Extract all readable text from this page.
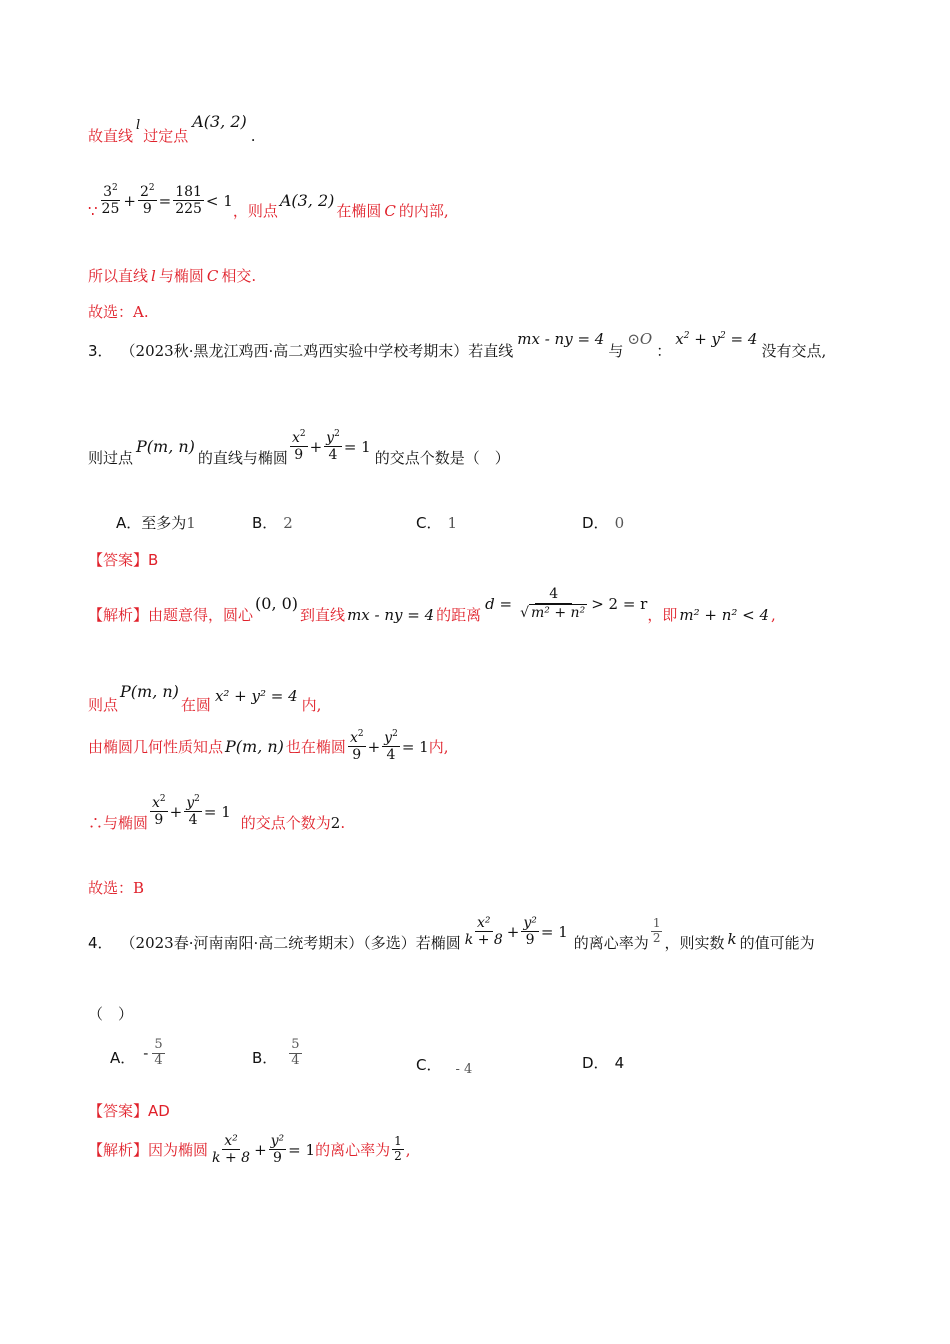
故直线
l
过定点
A(3, 2)
.
∵ $\frac{3^2}{25} + \frac{2^2}{9} = \frac{181}{225} < 1$
，则点
A(3, 2)
在椭圆 C 的内部,
所以直线 l 与椭圆 C 相交.
故选：A.
3． （2023秋·黑龙江鸡西·高二鸡西实验中学校考期末）若直线
mx - ny = 4
与
⊙O
：
$x^2 + y^2 = 4$
没有交点,
则过点
P(m, n)
的直线与椭圆 $\frac{x^2}{9} + \frac{y^2}{4} = 1$
的交点个数是（　）
A． 至多为 1	B． 2	C． 1	D． 0
【答案】B
【解析】 由题意得，圆心
(0, 0)
到直线 mx - ny = 4 的距离
$d = \frac{4}{\text{√ m² + n²}} > 2 = r$
，即 m² + n² < 4 ,
则点
P(m, n)
在圆
x² + y² = 4
内,
由椭圆几何性质知点 P(m, n) 也在椭圆 $\frac{x^2}{9} + \frac{y^2}{4} = 1$ 内,
∴与椭圆 $\frac{x^2}{9} + \frac{y^2}{4} = 1$
的交点个数为 2 .
故选：B
4． （2023春·河南南阳·高二统考期末）（多选）若椭圆 $\frac{\text{x²}}{k + 8} + \frac{\text{y²}}{9} = 1$
的离心率为 $\frac{1}{2}$ ，则实数 k 的值可能为
（　）
A． - $\frac{5}{4}$	B． $\frac{5}{4}$	C． - 4	D． 4
【答案】AD
【解析】 因为椭圆 $\frac{\text{x²}}{k + 8} + \frac{\text{y²}}{9} = 1$ 的离心率为 $\frac{1}{2}$ ,
